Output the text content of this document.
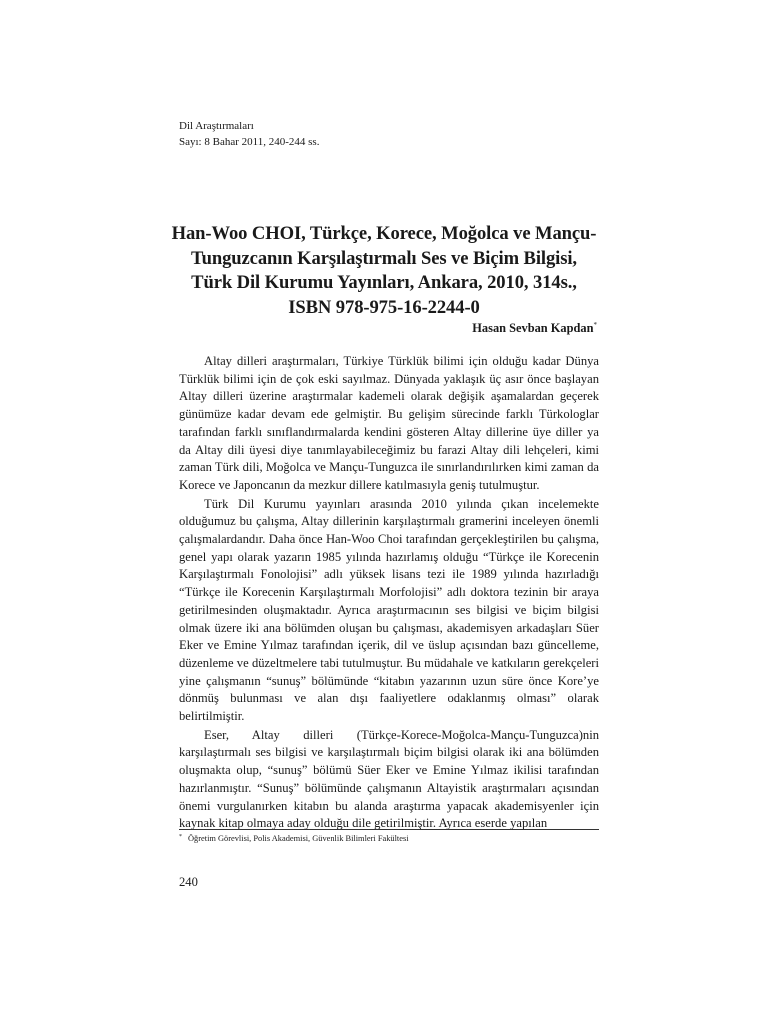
Dil Araştırmaları
Sayı: 8 Bahar 2011, 240-244 ss.
Han-Woo CHOI, Türkçe, Korece, Moğolca ve Mançu-
Tunguzcanın Karşılaştırmalı Ses ve Biçim Bilgisi,
Türk Dil Kurumu Yayınları, Ankara, 2010, 314s.,
ISBN 978-975-16-2244-0
Hasan Sevban Kapdan*

Altay dilleri araştırmaları, Türkiye Türklük bilimi için olduğu kadar Dünya Türklük bilimi için de çok eski sayılmaz. Dünyada yaklaşık üç asır önce başlayan Altay dilleri üzerine araştırmalar kademeli olarak değişik aşamalardan geçerek günümüze kadar devam ede gelmiştir. Bu gelişim sürecinde farklı Türkologlar tarafından farklı sınıflandırmalarda kendini gösteren Altay dillerine üye diller ya da Altay dili üyesi diye tanımlayabileceğimiz bu farazi Altay dili lehçeleri, kimi zaman Türk dili, Moğolca ve Mançu-Tunguzca ile sınırlandırılırken kimi zaman da Korece ve Japoncanın da mezkur dillere katılmasıyla geniş tutulmuştur.

Türk Dil Kurumu yayınları arasında 2010 yılında çıkan incelemekte olduğumuz bu çalışma, Altay dillerinin karşılaştırmalı gramerini inceleyen önemli çalışmalardandır. Daha önce Han-Woo Choi tarafından gerçekleştirilen bu çalışma, genel yapı olarak yazarın 1985 yılında hazırlamış olduğu “Türkçe ile Korecenin Karşılaştırmalı Fonolojisi” adlı yüksek lisans tezi ile 1989 yılında hazırladığı “Türkçe ile Korecenin Karşılaştırmalı Morfolojisi” adlı doktora tezinin bir araya getirilmesinden oluşmaktadır. Ayrıca araştırmacının ses bilgisi ve biçim bilgisi olmak üzere iki ana bölümden oluşan bu çalışması, akademisyen arkadaşları Süer Eker ve Emine Yılmaz tarafından içerik, dil ve üslup açısından bazı güncelleme, düzenleme ve düzeltmelere tabi tutulmuştur. Bu müdahale ve katkıların gerekçeleri yine çalışmanın “sunuş” bölümünde “kitabın yazarının uzun süre önce Kore’ye dönmüş bulunması ve alan dışı faaliyetlere odaklanmış olması” olarak belirtilmiştir.

Eser, Altay dilleri (Türkçe-Korece-Moğolca-Mançu-Tunguzca)nin karşılaştırmalı ses bilgisi ve karşılaştırmalı biçim bilgisi olarak iki ana bölümden oluşmakta olup, “sunuş” bölümü Süer Eker ve Emine Yılmaz ikilisi tarafından hazırlanmıştır. “Sunuş” bölümünde çalışmanın Altayistik araştırmaları açısından önemi vurgulanırken kitabın bu alanda araştırma yapacak akademisyenler için kaynak kitap olmaya aday olduğu dile getirilmiştir. Ayrıca eserde yapılan

* Öğretim Görevlisi, Polis Akademisi, Güvenlik Bilimleri Fakültesi
240
